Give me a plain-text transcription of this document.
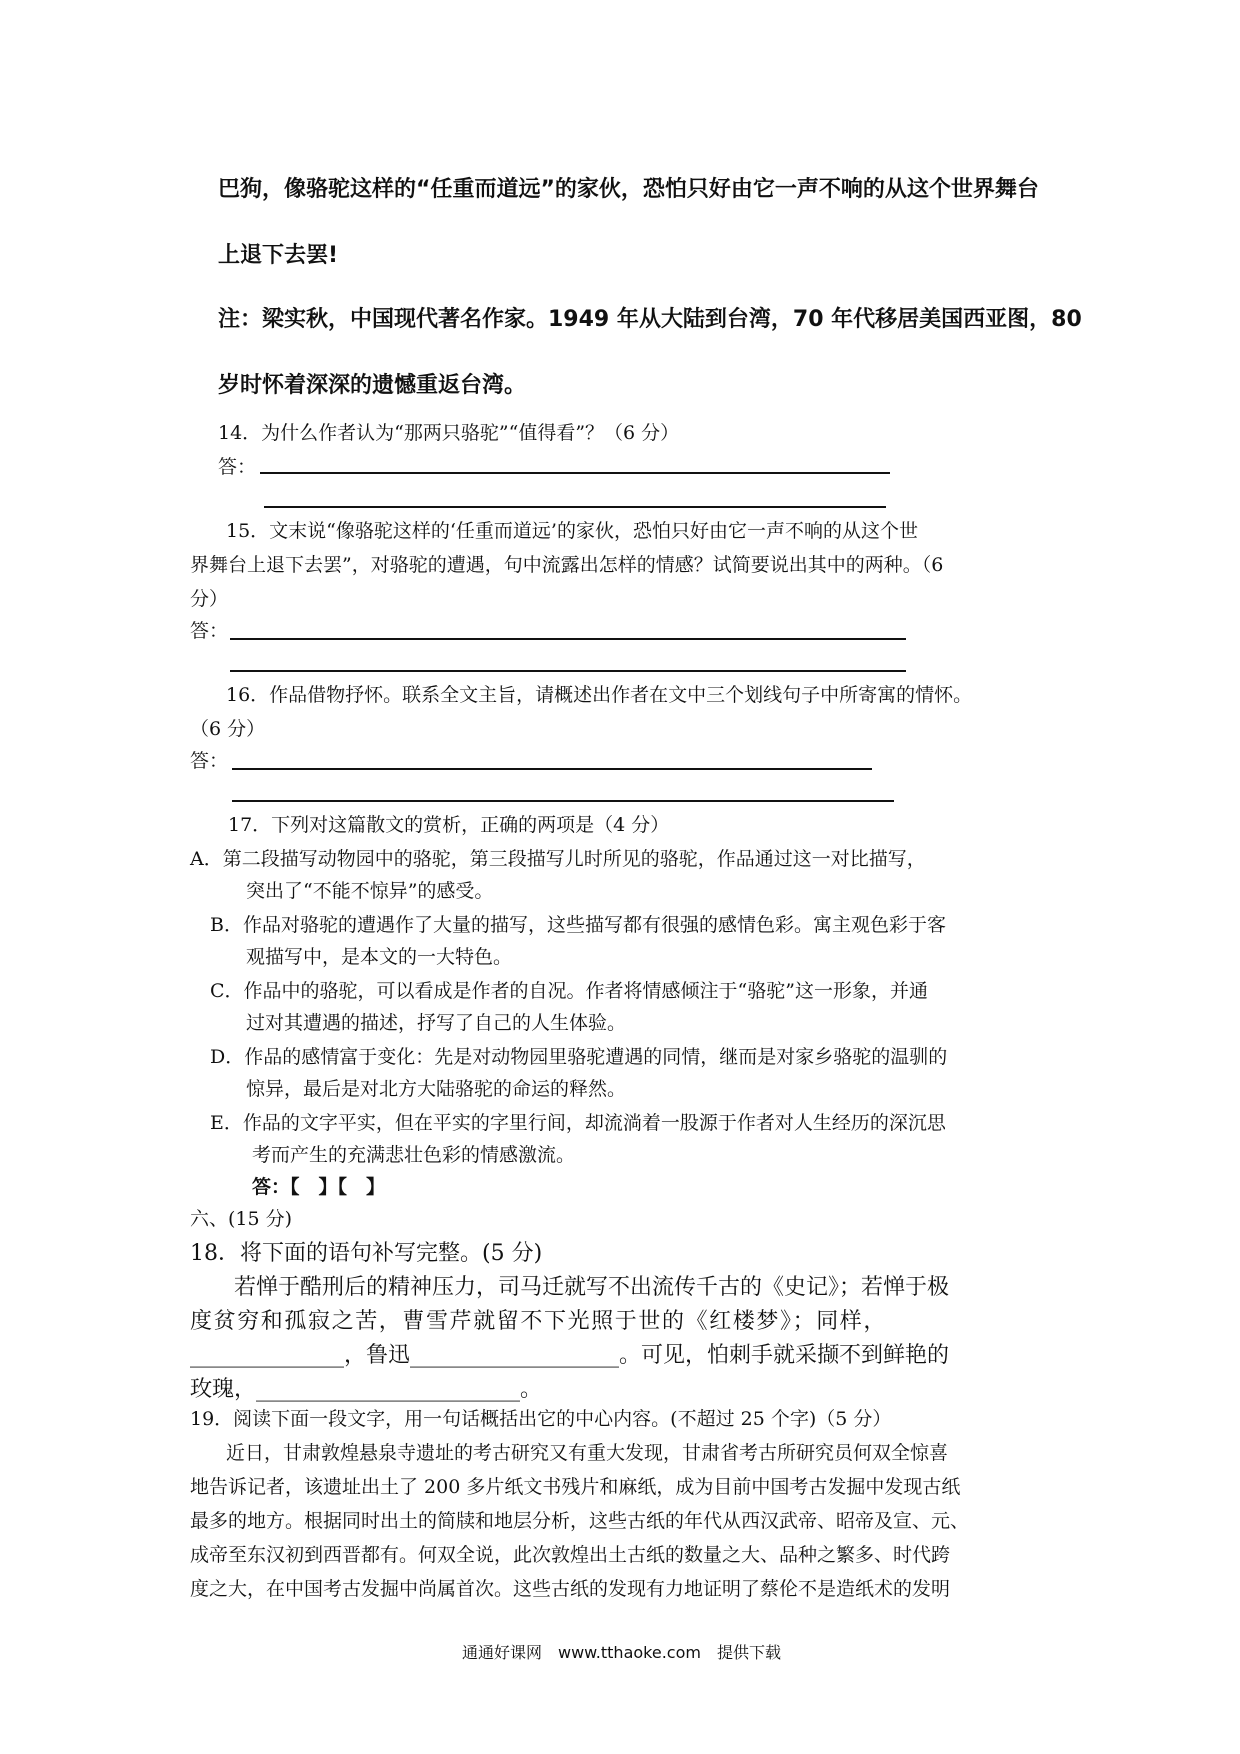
巴狗，像骆驼这样的“任重而道远”的家伙，恐怕只好由它一声不响的从这个世界舞台
上退下去罢!
注：梁实秋，中国现代著名作家。1949 年从大陆到台湾，70 年代移居美国西亚图，80
岁时怀着深深的遗憾重返台湾。
14．为什么作者认为“那两只骆驼”“值得看”？（6 分）
答：
15．文末说“像骆驼这样的‘任重而道远’的家伙，恐怕只好由它一声不响的从这个世
界舞台上退下去罢”，对骆驼的遭遇，句中流露出怎样的情感？试简要说出其中的两种。（6
分）
答：
16．作品借物抒怀。联系全文主旨，请概述出作者在文中三个划线句子中所寄寓的情怀。
（6 分）
答：
17．下列对这篇散文的赏析，正确的两项是（4 分）
A．第二段描写动物园中的骆驼，第三段描写儿时所见的骆驼，作品通过这一对比描写，
突出了“不能不惊异”的感受。
B．作品对骆驼的遭遇作了大量的描写，这些描写都有很强的感情色彩。寓主观色彩于客
观描写中，是本文的一大特色。
C．作品中的骆驼，可以看成是作者的自况。作者将情感倾注于“骆驼”这一形象，并通
过对其遭遇的描述，抒写了自己的人生体验。
D．作品的感情富于变化：先是对动物园里骆驼遭遇的同情，继而是对家乡骆驼的温驯的
惊异，最后是对北方大陆骆驼的命运的释然。
E．作品的文字平实，但在平实的字里行间，却流淌着一股源于作者对人生经历的深沉思
考而产生的充满悲壮色彩的情感激流。
答：【　】【　】
六、(15 分)
18．将下面的语句补写完整。(5 分)
若惮于酷刑后的精神压力，司马迁就写不出流传千古的《史记》；若惮于极
度贫穷和孤寂之苦，曹雪芹就留不下光照于世的《红楼梦》；同样，
______________，鲁迅___________________。可见，怕刺手就采撷不到鲜艳的
玫瑰，________________________。
19．阅读下面一段文字，用一句话概括出它的中心内容。(不超过 25 个字)（5 分）
近日，甘肃敦煌悬泉寺遗址的考古研究又有重大发现，甘肃省考古所研究员何双全惊喜
地告诉记者，该遗址出土了 200 多片纸文书残片和麻纸，成为目前中国考古发掘中发现古纸
最多的地方。根据同时出土的简牍和地层分析，这些古纸的年代从西汉武帝、昭帝及宣、元、
成帝至东汉初到西晋都有。何双全说，此次敦煌出土古纸的数量之大、品种之繁多、时代跨
度之大，在中国考古发掘中尚属首次。这些古纸的发现有力地证明了蔡伦不是造纸术的发明
通通好课网　www.tthaoke.com　提供下载
